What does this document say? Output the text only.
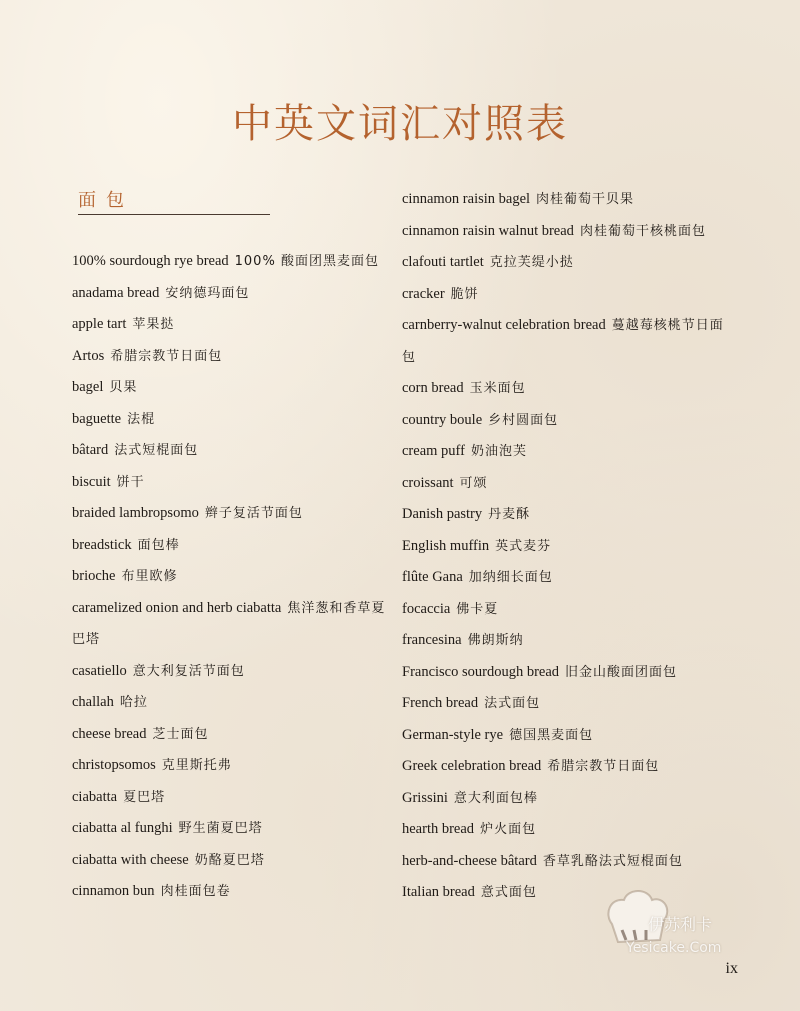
中英文词汇对照表
面包
100% sourdough rye bread 100% 酸面团黑麦面包
anadama bread 安纳德玛面包
apple tart 苹果挞
Artos 希腊宗教节日面包
bagel 贝果
baguette 法棍
bâtard 法式短棍面包
biscuit 饼干
braided lambropsomo 辫子复活节面包
breadstick 面包棒
brioche 布里欧修
caramelized onion and herb ciabatta 焦洋葱和香草夏巴塔
casatiello 意大利复活节面包
challah 哈拉
cheese bread 芝士面包
christopsomos 克里斯托弗
ciabatta 夏巴塔
ciabatta al funghi 野生菌夏巴塔
ciabatta with cheese 奶酪夏巴塔
cinnamon bun 肉桂面包卷
cinnamon raisin bagel 肉桂葡萄干贝果
cinnamon raisin walnut bread 肉桂葡萄干核桃面包
clafouti tartlet 克拉芙缇小挞
cracker 脆饼
carnberry-walnut celebration bread 蔓越莓核桃节日面包
corn bread 玉米面包
country boule 乡村圆面包
cream puff 奶油泡芙
croissant 可颂
Danish pastry 丹麦酥
English muffin 英式麦芬
flûte Gana 加纳细长面包
focaccia 佛卡夏
francesina 佛朗斯纳
Francisco sourdough bread 旧金山酸面团面包
French bread 法式面包
German-style rye 德国黑麦面包
Greek celebration bread 希腊宗教节日面包
Grissini 意大利面包棒
hearth bread 炉火面包
herb-and-cheese bâtard 香草乳酪法式短棍面包
Italian bread 意式面包
伊苏利卡
Yesicake.Com
ix
